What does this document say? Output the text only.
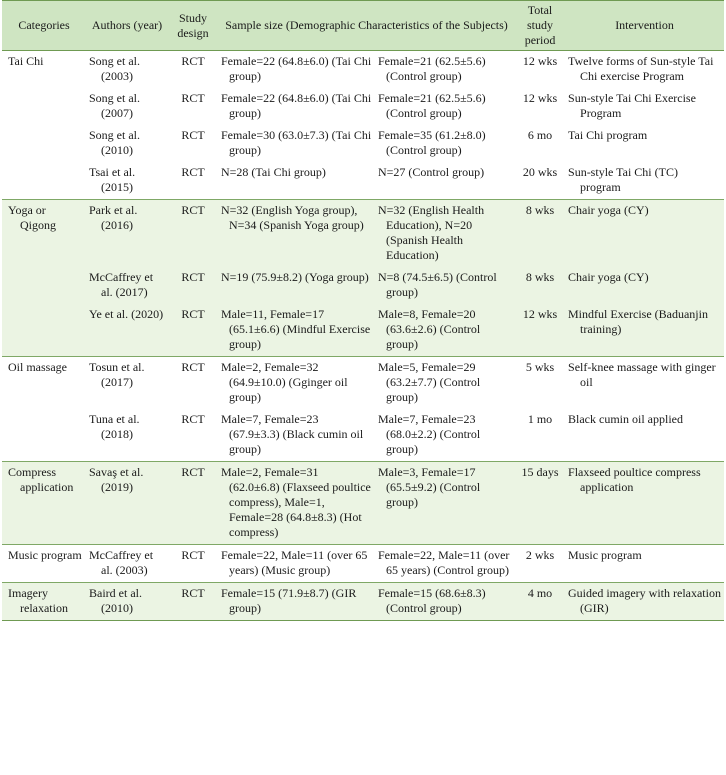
Categories	Authors (year)	Study design	Sample size (Demographic Characteristics of the Subjects)		Total study period	Intervention

Tai Chi	Song et al. (2003)	RCT	Female=22 (64.8±6.0) (Tai Chi group)	Female=21 (62.5±5.6) (Control group)	12 wks	Twelve forms of Sun-style Tai Chi exercise Program

	Song et al. (2007)	RCT	Female=22 (64.8±6.0) (Tai Chi group)	Female=21 (62.5±5.6) (Control group)	12 wks	Sun-style Tai Chi Exercise Program

	Song et al. (2010)	RCT	Female=30 (63.0±7.3) (Tai Chi group)	Female=35 (61.2±8.0) (Control group)	6 mo	Tai Chi program

	Tsai et al. (2015)	RCT	N=28 (Tai Chi group)	N=27 (Control group)	20 wks	Sun-style Tai Chi (TC) program

Yoga or Qigong	Park et al. (2016)	RCT	N=32 (English Yoga group), N=34 (Spanish Yoga group)	N=32 (English Health Education), N=20 (Spanish Health Education)	8 wks	Chair yoga (CY)

	McCaffrey et al. (2017)	RCT	N=19 (75.9±8.2) (Yoga group)	N=8 (74.5±6.5) (Control group)	8 wks	Chair yoga (CY)

	Ye et al. (2020)	RCT	Male=11, Female=17 (65.1±6.6) (Mindful Exercise group)	Male=8, Female=20 (63.6±2.6) (Control group)	12 wks	Mindful Exercise (Baduanjin training)

Oil massage	Tosun et al. (2017)	RCT	Male=2, Female=32 (64.9±10.0) (Gginger oil group)	Male=5, Female=29 (63.2±7.7) (Control group)	5 wks	Self-knee massage with ginger oil

	Tuna et al. (2018)	RCT	Male=7, Female=23 (67.9±3.3) (Black cumin oil group)	Male=7, Female=23 (68.0±2.2) (Control group)	1 mo	Black cumin oil applied

Compress application	Savaş et al. (2019)	RCT	Male=2, Female=31 (62.0±6.8) (Flaxseed poultice compress), Male=1, Female=28 (64.8±8.3) (Hot compress)	Male=3, Female=17 (65.5±9.2) (Control group)	15 days	Flaxseed poultice compress application

Music program	McCaffrey et al. (2003)	RCT	Female=22, Male=11 (over 65 years) (Music group)	Female=22, Male=11 (over 65 years) (Control group)	2 wks	Music program

Imagery relaxation	Baird et al. (2010)	RCT	Female=15 (71.9±8.7) (GIR group)	Female=15 (68.6±8.3) (Control group)	4 mo	Guided imagery with relaxation (GIR)
